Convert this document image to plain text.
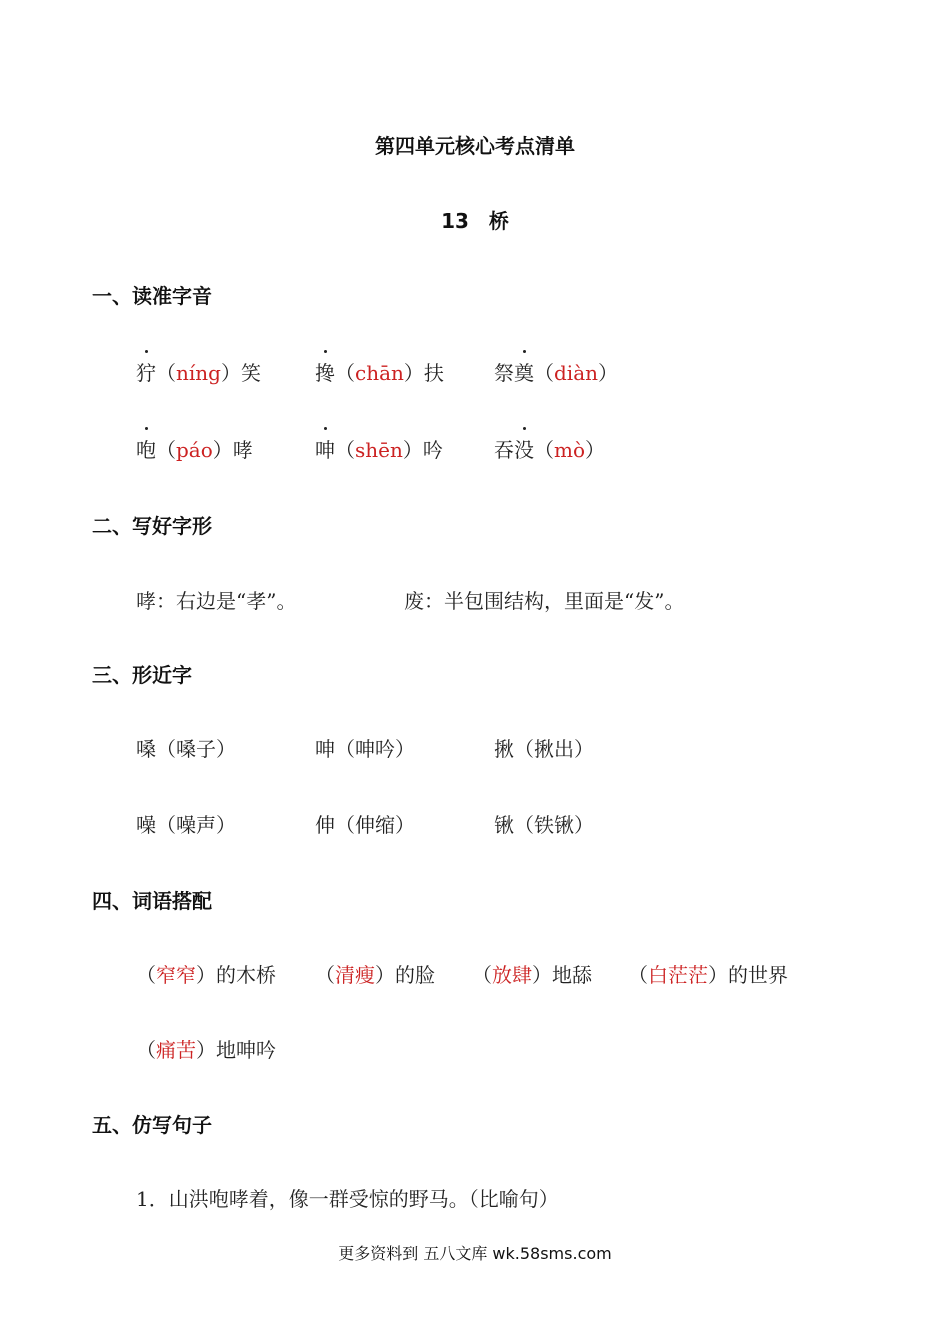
第四单元核心考点清单
13　桥
一、读准字音
狞（níng）笑	搀（chān）扶	祭奠（diàn）
咆（páo）哮	呻（shēn）吟	吞没（mò）
二、写好字形
哮：右边是“孝”。	废：半包围结构，里面是“发”。
三、形近字
嗓（嗓子）	呻（呻吟）	揪（揪出）
噪（噪声）	伸（伸缩）	锹（铁锹）
四、词语搭配
（窄窄）的木桥 （清瘦）的脸 （放肆）地舔 （白茫茫）的世界
（痛苦）地呻吟
五、仿写句子
1．山洪咆哮着，像一群受惊的野马。（比喻句）
更多资料到 五八文库 wk.58sms.com
